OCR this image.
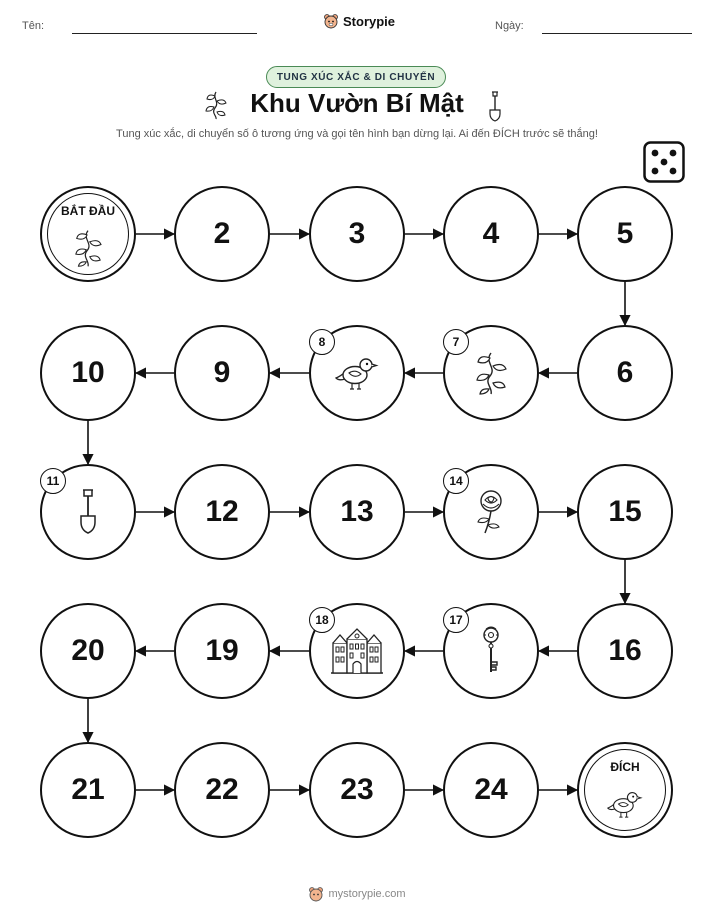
Tên:	Storypie	Ngày:
TUNG XÚC XẮC & DI CHUYỂN
Khu Vườn Bí Mật
Tung xúc xắc, di chuyển số ô tương ứng và gọi tên hình bạn dừng lại. Ai đến ĐÍCH trước sẽ thắng!
BẮT ĐẦU
2	3	4	5
6
7
8
9
10
11
12	13
14
15
16
17
18
19
20
21	22	23	24
ĐÍCH
mystorypie.com
